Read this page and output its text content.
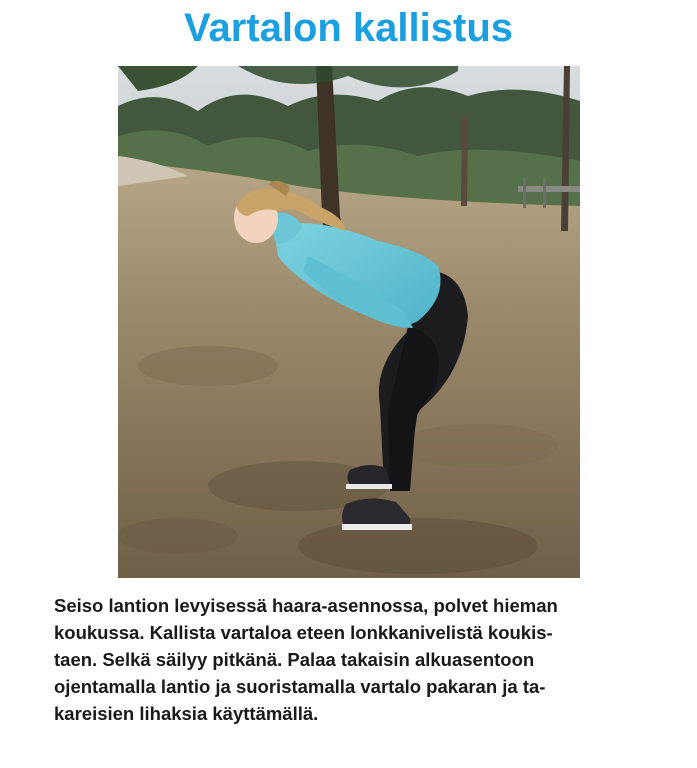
Vartalon kallistus

Seiso lantion levyisessä haara-asennossa, polvet hieman
koukussa. Kallista vartaloa eteen lonkkanivelistä koukis-
taen. Selkä säilyy pitkänä. Palaa takaisin alkuasentoon
ojentamalla lantio ja suoristamalla vartalo pakaran ja ta-
kareisien lihaksia käyttämällä.
